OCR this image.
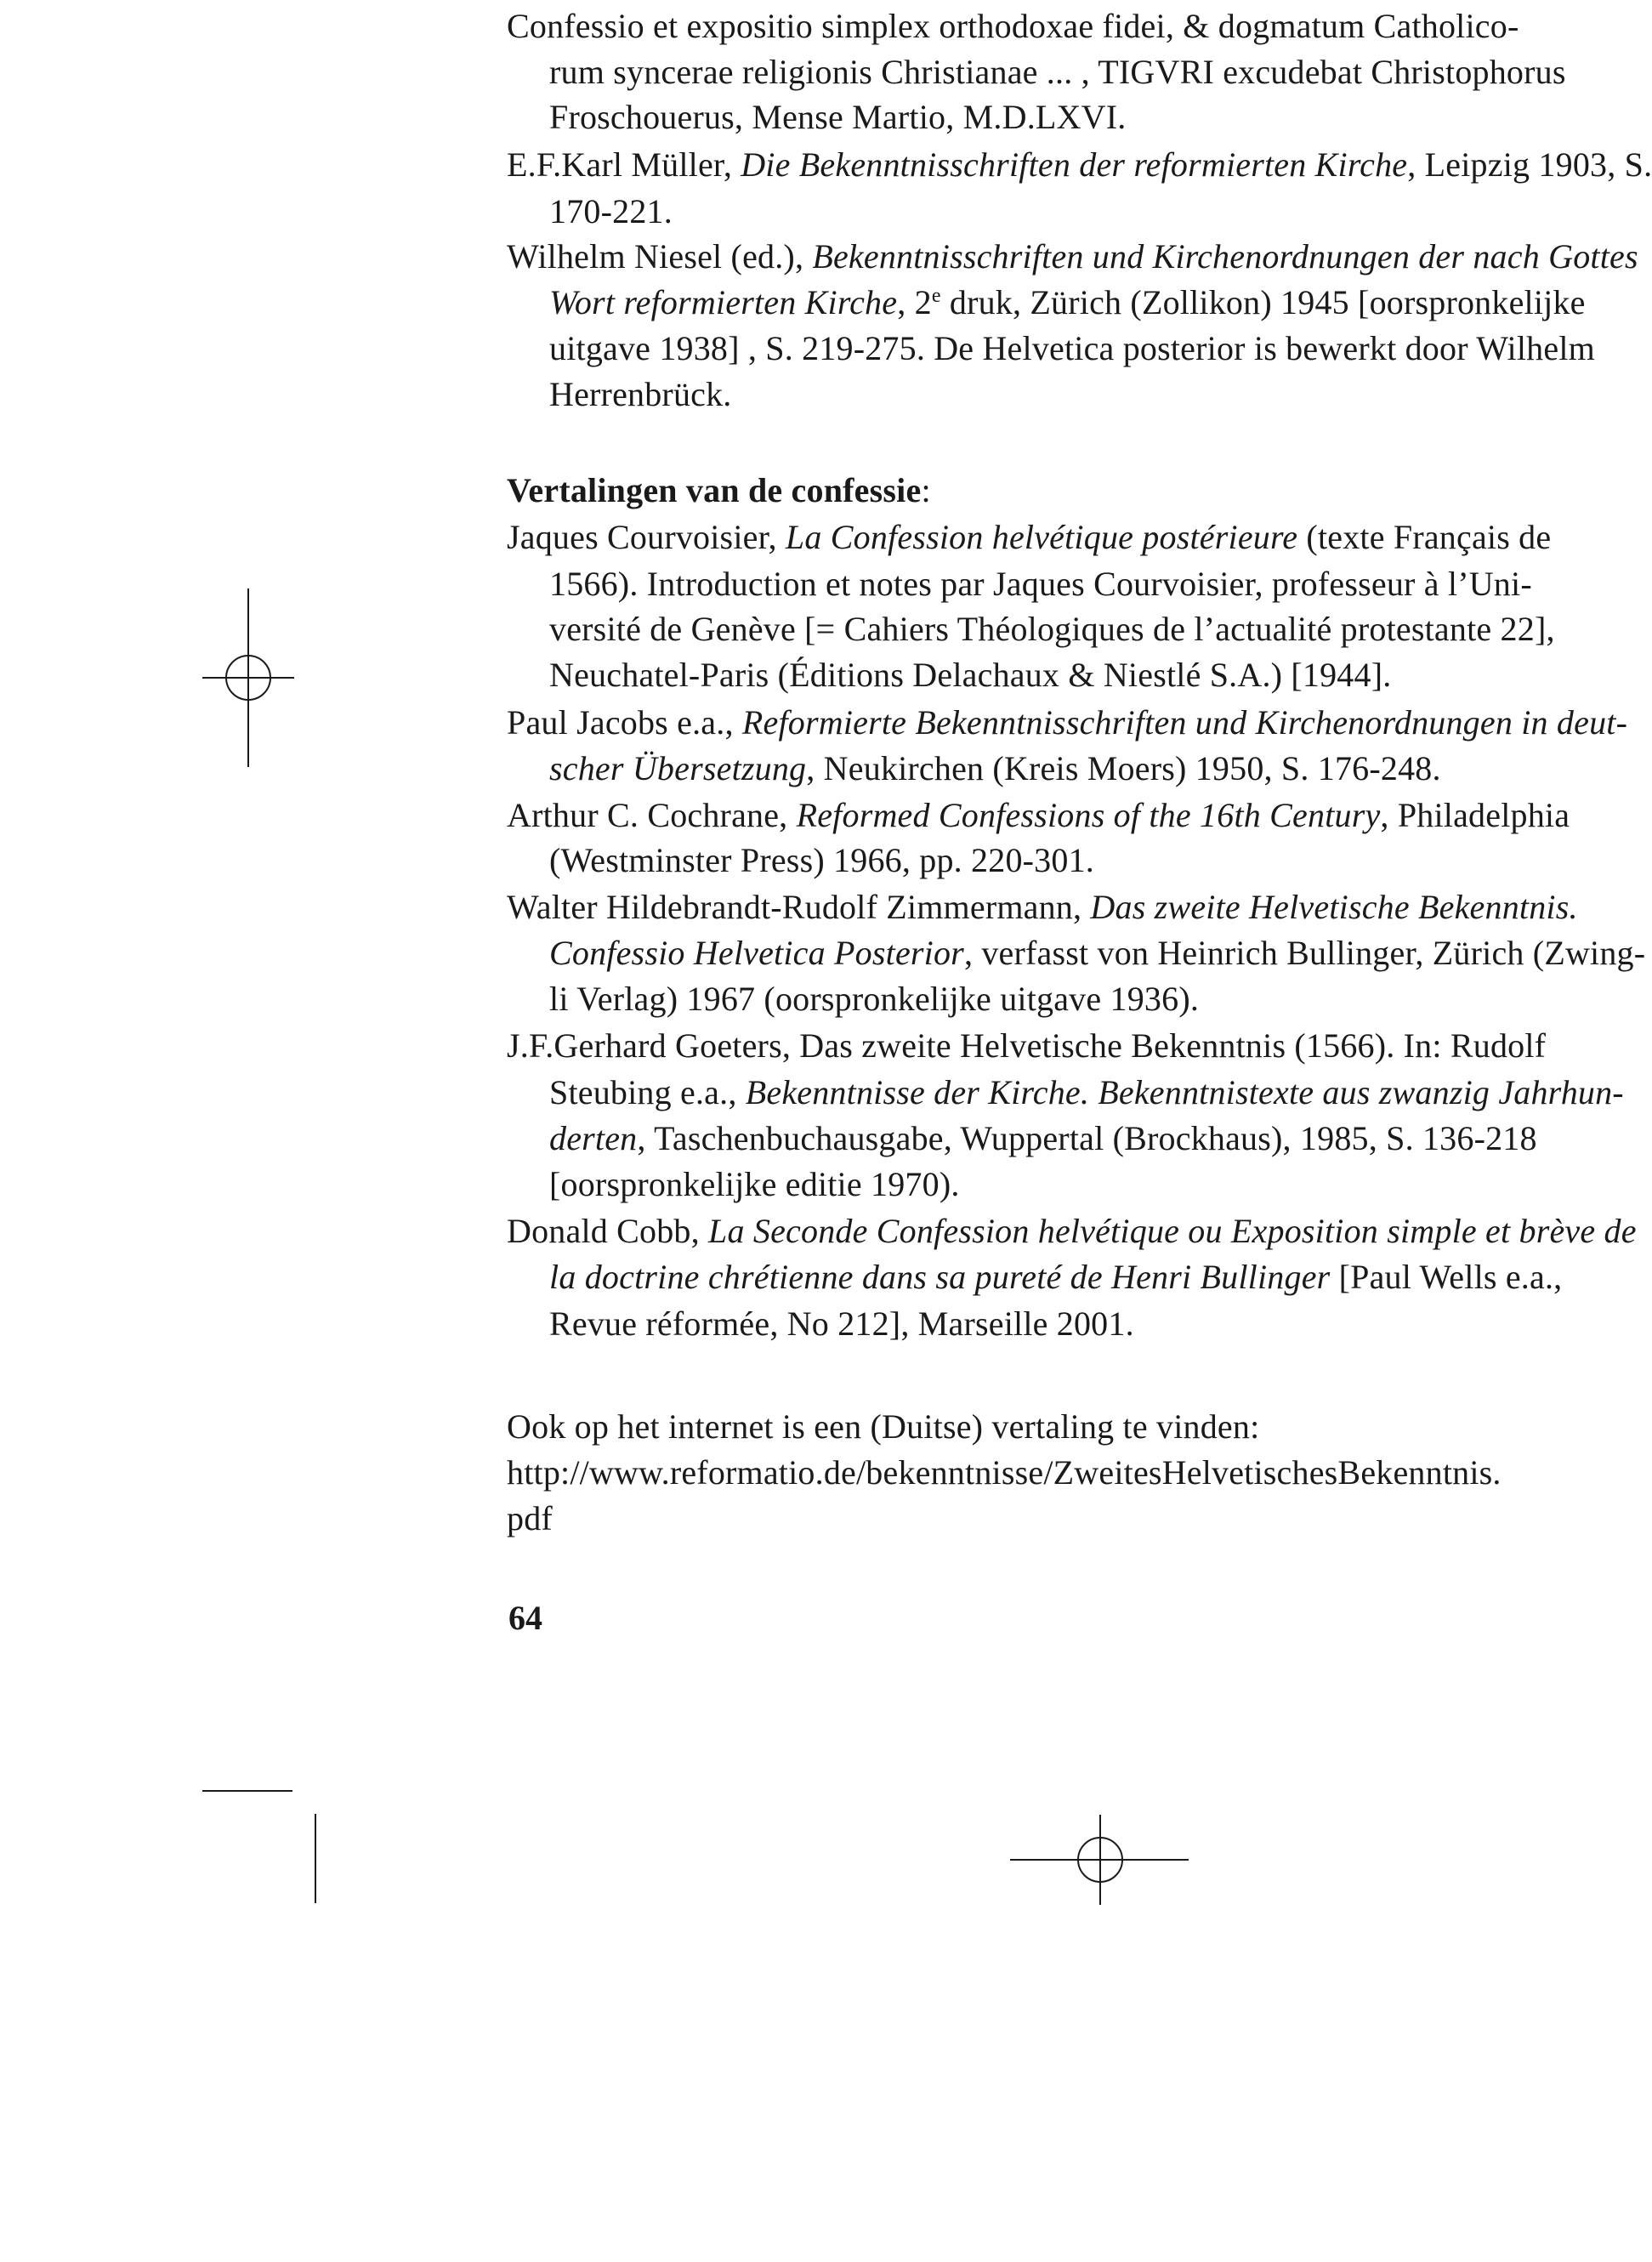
Confessio et expositio simplex orthodoxae fidei, & dogmatum Catholico-
rum syncerae religionis Christianae ... , TIGVRI excudebat Christophorus
Froschouerus, Mense Martio, M.D.LXVI.
E.F.Karl Müller, Die Bekenntnisschriften der reformierten Kirche, Leipzig 1903, S.
170-221.
Wilhelm Niesel (ed.), Bekenntnisschriften und Kirchenordnungen der nach Gottes
Wort reformierten Kirche, 2e druk, Zürich (Zollikon) 1945 [oorspronkelijke
uitgave 1938] , S. 219-275. De Helvetica posterior is bewerkt door Wilhelm
Herrenbrück.
Vertalingen van de confessie:
Jaques Courvoisier, La Confession helvétique postérieure (texte Français de
1566). Introduction et notes par Jaques Courvoisier, professeur à l’Uni-
versité de Genève [= Cahiers Théologiques de l’actualité protestante 22],
Neuchatel-Paris (Éditions Delachaux & Niestlé S.A.) [1944].
Paul Jacobs e.a., Reformierte Bekenntnisschriften und Kirchenordnungen in deut-
scher Übersetzung, Neukirchen (Kreis Moers) 1950, S. 176-248.
Arthur C. Cochrane, Reformed Confessions of the 16th Century, Philadelphia
(Westminster Press) 1966, pp. 220-301.
Walter Hildebrandt-Rudolf Zimmermann, Das zweite Helvetische Bekenntnis.
Confessio Helvetica Posterior, verfasst von Heinrich Bullinger, Zürich (Zwing-
li Verlag) 1967 (oorspronkelijke uitgave 1936).
J.F.Gerhard Goeters, Das zweite Helvetische Bekenntnis (1566). In: Rudolf
Steubing e.a., Bekenntnisse der Kirche. Bekenntnistexte aus zwanzig Jahrhun-
derten, Taschenbuchausgabe, Wuppertal (Brockhaus), 1985, S. 136-218
[oorspronkelijke editie 1970).
Donald Cobb, La Seconde Confession helvétique ou Exposition simple et brève de
la doctrine chrétienne dans sa pureté de Henri Bullinger [Paul Wells e.a.,
Revue réformée, No 212], Marseille 2001.
Ook op het internet is een (Duitse) vertaling te vinden:
http://www.reformatio.de/bekenntnisse/ZweitesHelvetischesBekenntnis.
pdf
64
